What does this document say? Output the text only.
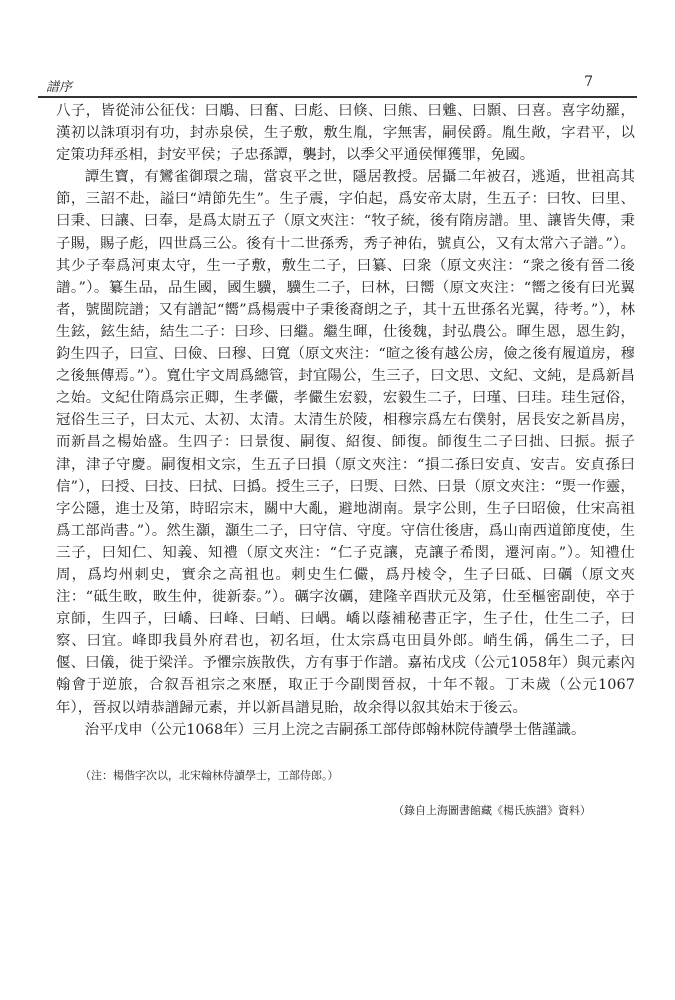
譜序	7

八子，皆從沛公征伐：曰鵰、曰奮、曰彪、曰倏、曰熊、曰魋、曰顥、曰喜。喜字幼羅，漢初以誅項羽有功，封赤泉侯，生子敷，敷生胤，字無害，嗣侯爵。胤生敞，字君平，以定策功拜丞相，封安平侯；子忠孫譚，襲封，以季父平通侯惲獲罪，免國。

譚生寶，有鸞雀御環之瑞，當哀平之世，隱居教授。居攝二年被召，逃遁，世祖高其節，三詔不赴，謚曰“靖節先生”。生子震，字伯起，爲安帝太尉，生五子：曰牧、曰里、曰秉、曰讓、曰奉，是爲太尉五子（原文夾注：“牧子統，後有隋房譜。里、讓皆失傳，秉子賜，賜子彪，四世爲三公。後有十二世孫秀，秀子神佑，號貞公，又有太常六子譜。”）。其少子奉爲河東太守，生一子敷，敷生二子，曰纂、曰衆（原文夾注：“衆之後有晉二後譜。”）。纂生品，品生國，國生驥，驥生二子，曰林，曰嚮（原文夾注：“嚮之後有曰光翼者，號閩院譜；又有譜記“嚮”爲楊震中子秉後裔朗之子，其十五世孫名光翼，待考。”），林生鉉，鉉生結，結生二子：曰珍、曰繼。繼生暉，仕後魏，封弘農公。暉生恩，恩生鈞，鈞生四子，曰宣、曰儉、曰穆、曰寬（原文夾注：“暄之後有越公房，儉之後有履道房，穆之後無傳焉。”）。寬仕宇文周爲總管，封宜陽公，生三子，曰文思、文紀、文純，是爲新昌之始。文紀仕隋爲宗正卿，生孝儼，孝儼生宏毅，宏毅生二子，曰瑾、曰珪。珪生冠俗，冠俗生三子，曰太元、太初、太清。太清生於陵，相穆宗爲左右僕射，居長安之新昌房，而新昌之楊始盛。生四子：曰景復、嗣復、紹復、師復。師復生二子曰拙、曰振。振子津，津子守慶。嗣復相文宗，生五子曰損（原文夾注：“損二孫曰安貞、安吉。安貞孫曰信”），曰授、曰技、曰拭、曰撝。授生三子，曰煚、曰然、曰景（原文夾注：“煚一作靈，字公隱，進士及第，時昭宗末，關中大亂，避地湖南。景字公則，生子曰昭儉，仕宋高祖爲工部尚書。”）。然生灝，灝生二子，曰守信、守度。守信仕後唐，爲山南西道節度使，生三子，曰知仁、知義、知禮（原文夾注：“仁子克讓，克讓子希閔，遷河南。”）。知禮仕周，爲均州刺史，實余之高祖也。刺史生仁儼，爲丹棱令，生子曰砥、曰礪（原文夾注：“砥生畋，畋生仲，徙新泰。”）。礪字汝礪，建隆辛酉狀元及第，仕至樞密副使，卒于京師，生四子，曰嶠、曰峰、曰峭、曰嵎。嶠以蔭補秘書正字，生子仕，仕生二子，曰察、曰宜。峰即我員外府君也，初名垣，仕太宗爲屯田員外郎。峭生偁，偁生二子，曰偃、曰儀，徙于梁洋。予懼宗族散佚，方有事于作譜。嘉祐戊戌（公元1058年）與元素內翰會于逆旅，合叙吾祖宗之來歷，取正于今副閔晉叔，十年不報。丁未歲（公元1067年），晉叔以靖恭譜歸元素，并以新昌譜見貽，故余得以叙其始末于後云。

治平戊申（公元1068年）三月上浣之吉嗣孫工部侍郎翰林院侍讀學士偕謹識。

（注：楊偕字次以，北宋翰林侍讀學士，工部侍郎。）
（錄自上海圖書館藏《楊氏族譜》資料）
